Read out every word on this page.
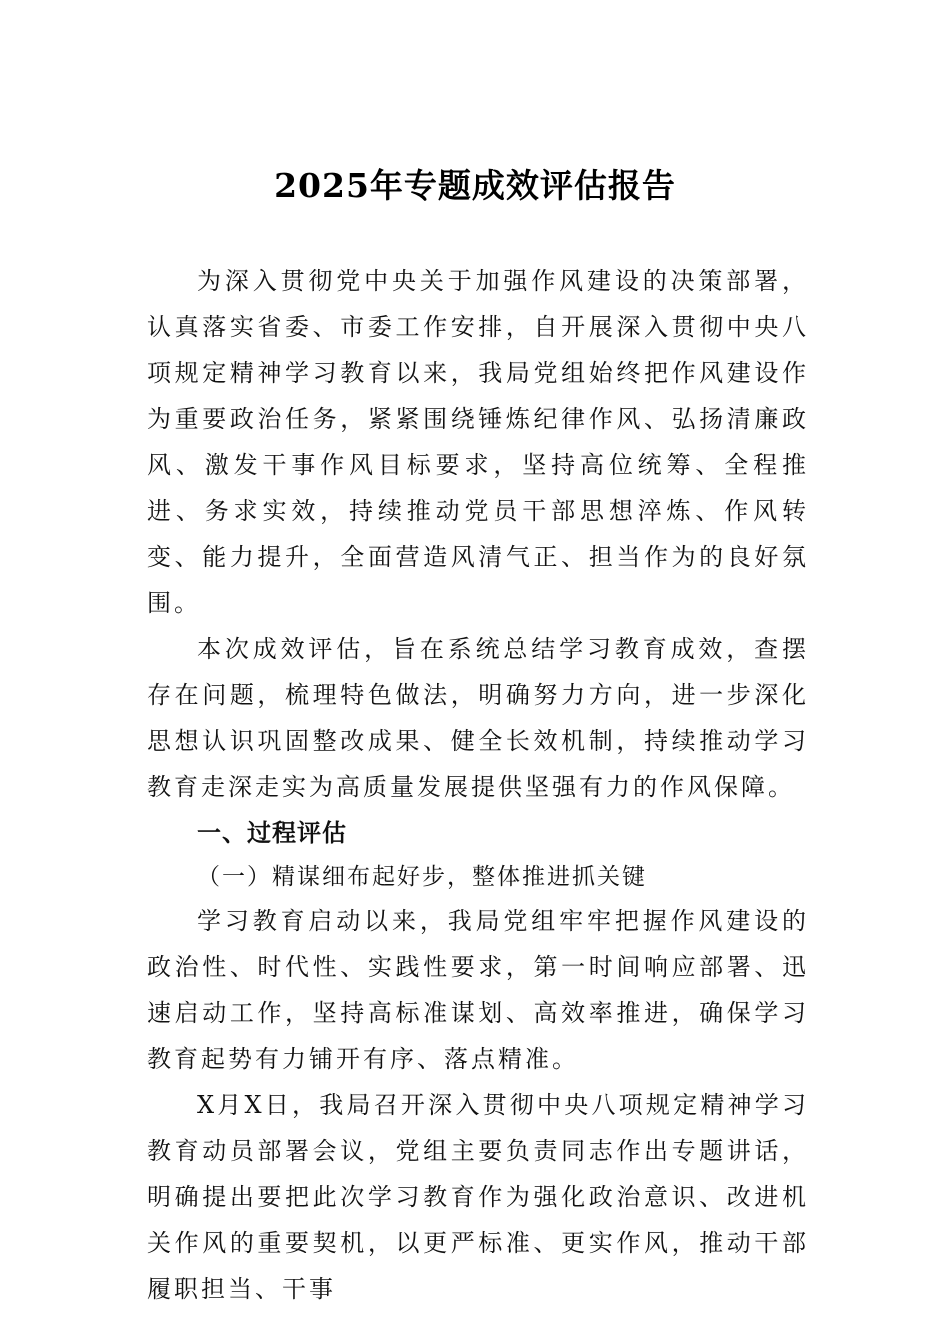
2025年专题成效评估报告

为深入贯彻党中央关于加强作风建设的决策部署，认真落实省委、市委工作安排，自开展深入贯彻中央八项规定精神学习教育以来，我局党组始终把作风建设作为重要政治任务，紧紧围绕锤炼纪律作风、弘扬清廉政风、激发干事作风目标要求，坚持高位统筹、全程推进、务求实效，持续推动党员干部思想淬炼、作风转变、能力提升，全面营造风清气正、担当作为的良好氛围。

本次成效评估，旨在系统总结学习教育成效，查摆存在问题，梳理特色做法，明确努力方向，进一步深化思想认识巩固整改成果、健全长效机制，持续推动学习教育走深走实为高质量发展提供坚强有力的作风保障。

一、过程评估

（一）精谋细布起好步，整体推进抓关键

学习教育启动以来，我局党组牢牢把握作风建设的政治性、时代性、实践性要求，第一时间响应部署、迅速启动工作，坚持高标准谋划、高效率推进，确保学习教育起势有力铺开有序、落点精准。

X月X日，我局召开深入贯彻中央八项规定精神学习教育动员部署会议，党组主要负责同志作出专题讲话，明确提出要把此次学习教育作为强化政治意识、改进机关作风的重要契机，以更严标准、更实作风，推动干部履职担当、干事
